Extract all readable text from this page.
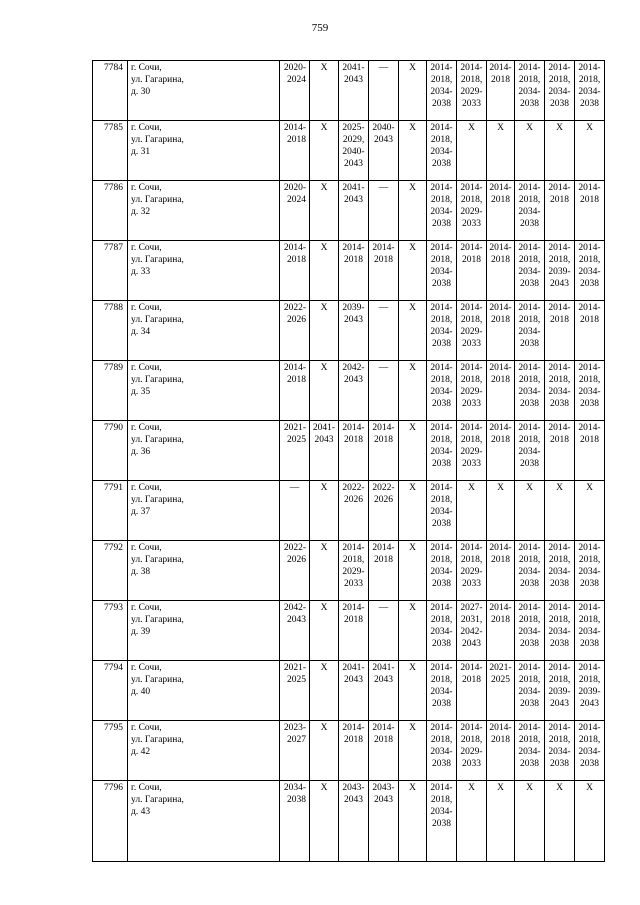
759
7784	г. Сочи,
ул. Гагарина,
д. 30	2020-
2024	X	2041-
2043	—	X	2014-
2018,
2034-
2038	2014-
2018,
2029-
2033	2014-
2018	2014-
2018,
2034-
2038	2014-
2018,
2034-
2038	2014-
2018,
2034-
2038
7785	г. Сочи,
ул. Гагарина,
д. 31	2014-
2018	X	2025-
2029,
2040-
2043	2040-
2043	X	2014-
2018,
2034-
2038	X	X	X	X	X
7786	г. Сочи,
ул. Гагарина,
д. 32	2020-
2024	X	2041-
2043	—	X	2014-
2018,
2034-
2038	2014-
2018,
2029-
2033	2014-
2018	2014-
2018,
2034-
2038	2014-
2018	2014-
2018
7787	г. Сочи,
ул. Гагарина,
д. 33	2014-
2018	X	2014-
2018	2014-
2018	X	2014-
2018,
2034-
2038	2014-
2018	2014-
2018	2014-
2018,
2034-
2038	2014-
2018,
2039-
2043	2014-
2018,
2034-
2038
7788	г. Сочи,
ул. Гагарина,
д. 34	2022-
2026	X	2039-
2043	—	X	2014-
2018,
2034-
2038	2014-
2018,
2029-
2033	2014-
2018	2014-
2018,
2034-
2038	2014-
2018	2014-
2018
7789	г. Сочи,
ул. Гагарина,
д. 35	2014-
2018	X	2042-
2043	—	X	2014-
2018,
2034-
2038	2014-
2018,
2029-
2033	2014-
2018	2014-
2018,
2034-
2038	2014-
2018,
2034-
2038	2014-
2018,
2034-
2038
7790	г. Сочи,
ул. Гагарина,
д. 36	2021-
2025	2041-
2043	2014-
2018	2014-
2018	X	2014-
2018,
2034-
2038	2014-
2018,
2029-
2033	2014-
2018	2014-
2018,
2034-
2038	2014-
2018	2014-
2018
7791	г. Сочи,
ул. Гагарина,
д. 37	—	X	2022-
2026	2022-
2026	X	2014-
2018,
2034-
2038	X	X	X	X	X
7792	г. Сочи,
ул. Гагарина,
д. 38	2022-
2026	X	2014-
2018,
2029-
2033	2014-
2018	X	2014-
2018,
2034-
2038	2014-
2018,
2029-
2033	2014-
2018	2014-
2018,
2034-
2038	2014-
2018,
2034-
2038	2014-
2018,
2034-
2038
7793	г. Сочи,
ул. Гагарина,
д. 39	2042-
2043	X	2014-
2018	—	X	2014-
2018,
2034-
2038	2027-
2031,
2042-
2043	2014-
2018	2014-
2018,
2034-
2038	2014-
2018,
2034-
2038	2014-
2018,
2034-
2038
7794	г. Сочи,
ул. Гагарина,
д. 40	2021-
2025	X	2041-
2043	2041-
2043	X	2014-
2018,
2034-
2038	2014-
2018	2021-
2025	2014-
2018,
2034-
2038	2014-
2018,
2039-
2043	2014-
2018,
2039-
2043
7795	г. Сочи,
ул. Гагарина,
д. 42	2023-
2027	X	2014-
2018	2014-
2018	X	2014-
2018,
2034-
2038	2014-
2018,
2029-
2033	2014-
2018	2014-
2018,
2034-
2038	2014-
2018,
2034-
2038	2014-
2018,
2034-
2038
7796	г. Сочи,
ул. Гагарина,
д. 43	2034-
2038	X	2043-
2043	2043-
2043	X	2014-
2018,
2034-
2038	X	X	X	X	X
